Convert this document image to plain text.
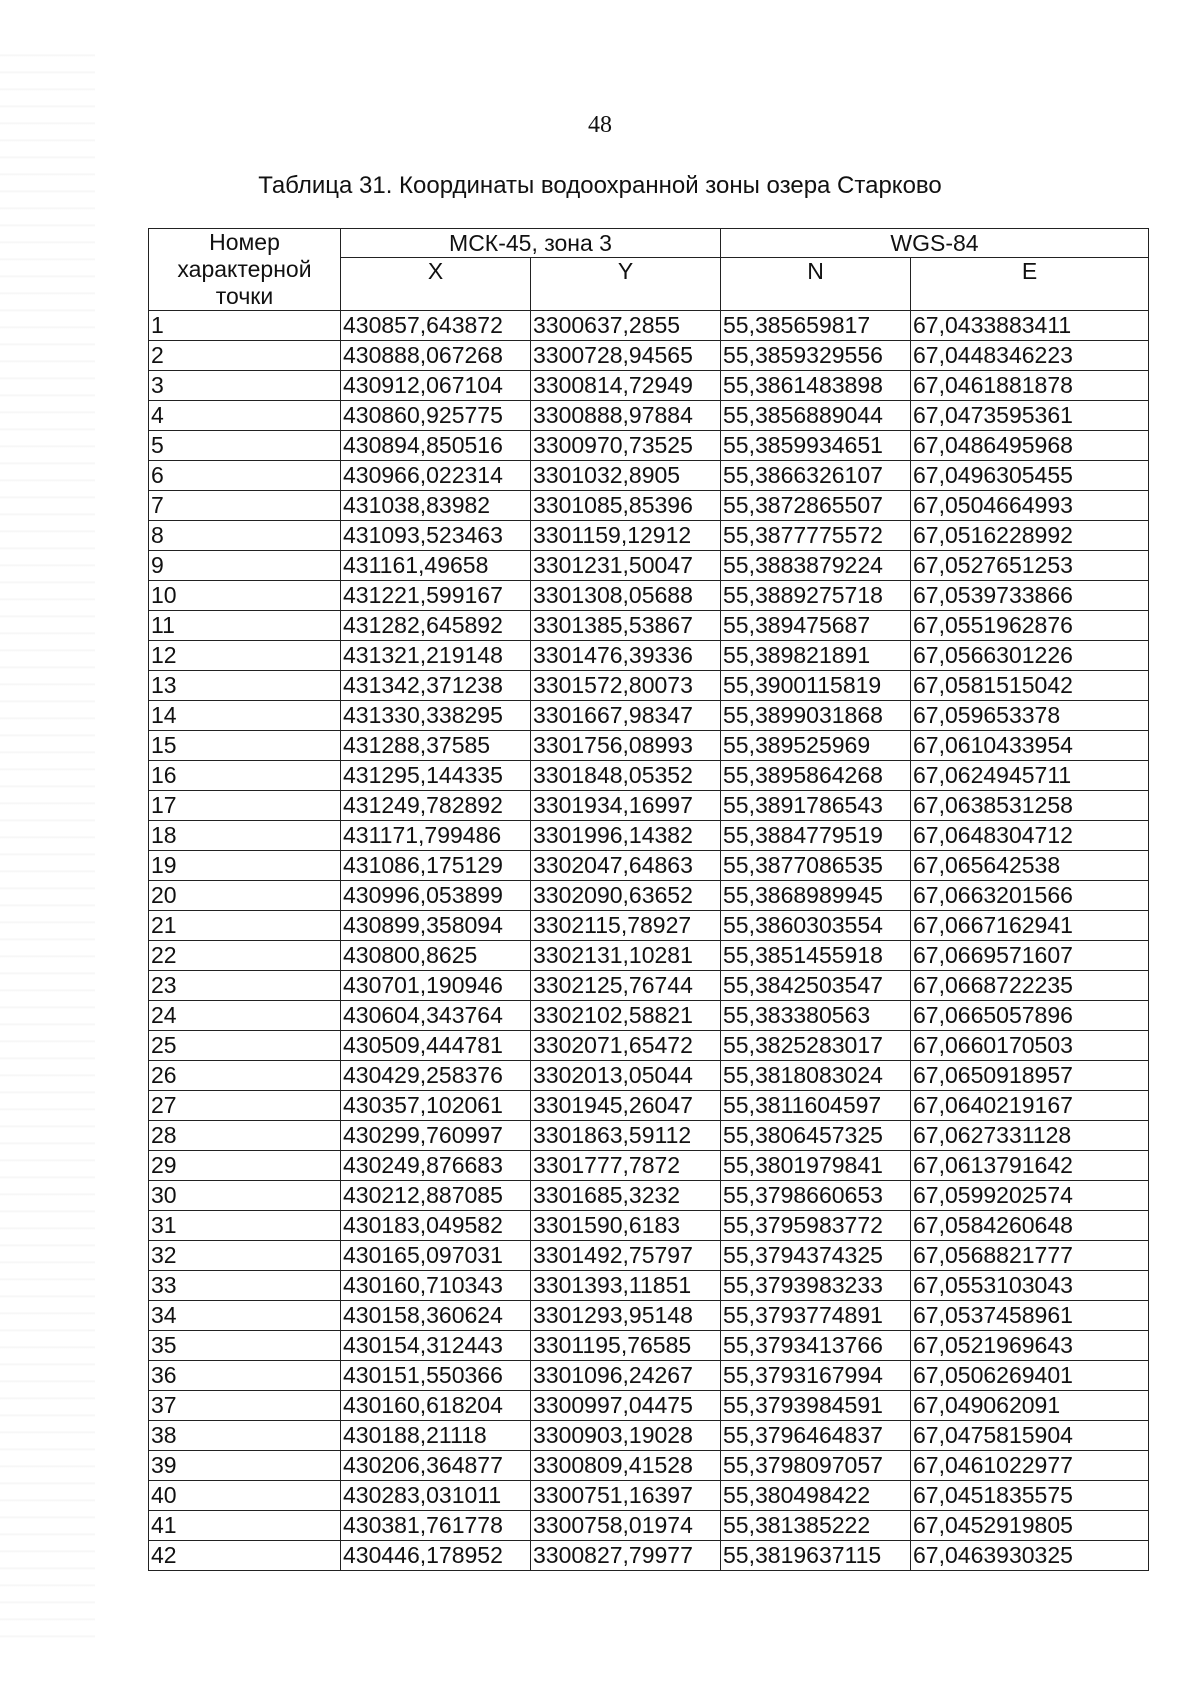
48
Таблица 31. Координаты водоохранной зоны озера Старково
Номер характерной точки	МСК-45, зона 3		WGS-84	
	X	Y	N	E
1	430857,643872	3300637,2855	55,385659817	67,0433883411
2	430888,067268	3300728,94565	55,3859329556	67,0448346223
3	430912,067104	3300814,72949	55,3861483898	67,0461881878
4	430860,925775	3300888,97884	55,3856889044	67,0473595361
5	430894,850516	3300970,73525	55,3859934651	67,0486495968
6	430966,022314	3301032,8905	55,3866326107	67,0496305455
7	431038,83982	3301085,85396	55,3872865507	67,0504664993
8	431093,523463	3301159,12912	55,3877775572	67,0516228992
9	431161,49658	3301231,50047	55,3883879224	67,0527651253
10	431221,599167	3301308,05688	55,3889275718	67,0539733866
11	431282,645892	3301385,53867	55,389475687	67,0551962876
12	431321,219148	3301476,39336	55,389821891	67,0566301226
13	431342,371238	3301572,80073	55,3900115819	67,0581515042
14	431330,338295	3301667,98347	55,3899031868	67,059653378
15	431288,37585	3301756,08993	55,389525969	67,0610433954
16	431295,144335	3301848,05352	55,3895864268	67,0624945711
17	431249,782892	3301934,16997	55,3891786543	67,0638531258
18	431171,799486	3301996,14382	55,3884779519	67,0648304712
19	431086,175129	3302047,64863	55,3877086535	67,065642538
20	430996,053899	3302090,63652	55,3868989945	67,0663201566
21	430899,358094	3302115,78927	55,3860303554	67,0667162941
22	430800,8625	3302131,10281	55,3851455918	67,0669571607
23	430701,190946	3302125,76744	55,3842503547	67,0668722235
24	430604,343764	3302102,58821	55,383380563	67,0665057896
25	430509,444781	3302071,65472	55,3825283017	67,0660170503
26	430429,258376	3302013,05044	55,3818083024	67,0650918957
27	430357,102061	3301945,26047	55,3811604597	67,0640219167
28	430299,760997	3301863,59112	55,3806457325	67,0627331128
29	430249,876683	3301777,7872	55,3801979841	67,0613791642
30	430212,887085	3301685,3232	55,3798660653	67,0599202574
31	430183,049582	3301590,6183	55,3795983772	67,0584260648
32	430165,097031	3301492,75797	55,3794374325	67,0568821777
33	430160,710343	3301393,11851	55,3793983233	67,0553103043
34	430158,360624	3301293,95148	55,3793774891	67,0537458961
35	430154,312443	3301195,76585	55,3793413766	67,0521969643
36	430151,550366	3301096,24267	55,3793167994	67,0506269401
37	430160,618204	3300997,04475	55,3793984591	67,049062091
38	430188,21118	3300903,19028	55,3796464837	67,0475815904
39	430206,364877	3300809,41528	55,3798097057	67,0461022977
40	430283,031011	3300751,16397	55,380498422	67,0451835575
41	430381,761778	3300758,01974	55,381385222	67,0452919805
42	430446,178952	3300827,79977	55,3819637115	67,0463930325
